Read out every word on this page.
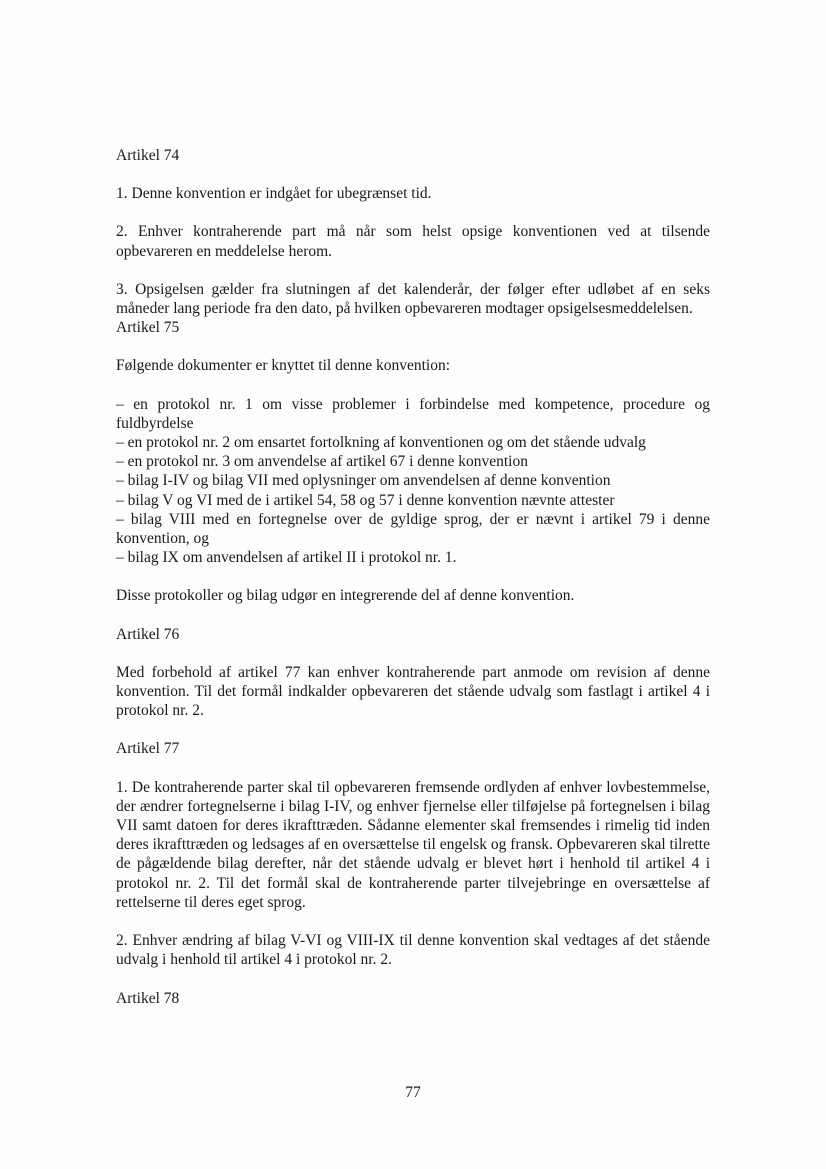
Artikel 74

1. Denne konvention er indgået for ubegrænset tid.

2. Enhver kontraherende part må når som helst opsige konventionen ved at tilsende opbevareren en meddelelse herom.

3. Opsigelsen gælder fra slutningen af det kalenderår, der følger efter udløbet af en seks måneder lang periode fra den dato, på hvilken opbevareren modtager opsigelsesmeddelelsen.

Artikel 75

Følgende dokumenter er knyttet til denne konvention:

– en protokol nr. 1 om visse problemer i forbindelse med kompetence, procedure og fuldbyrdelse

– en protokol nr. 2 om ensartet fortolkning af konventionen og om det stående udvalg

– en protokol nr. 3 om anvendelse af artikel 67 i denne konvention

– bilag I-IV og bilag VII med oplysninger om anvendelsen af denne konvention

– bilag V og VI med de i artikel 54, 58 og 57 i denne konvention nævnte attester

– bilag VIII med en fortegnelse over de gyldige sprog, der er nævnt i artikel 79 i denne konvention, og

– bilag IX om anvendelsen af artikel II i protokol nr. 1.

Disse protokoller og bilag udgør en integrerende del af denne konvention.

Artikel 76

Med forbehold af artikel 77 kan enhver kontraherende part anmode om revision af denne konvention. Til det formål indkalder opbevareren det stående udvalg som fastlagt i artikel 4 i protokol nr. 2.

Artikel 77

1. De kontraherende parter skal til opbevareren fremsende ordlyden af enhver lovbestemmelse, der ændrer fortegnelserne i bilag I-IV, og enhver fjernelse eller tilføjelse på fortegnelsen i bilag VII samt datoen for deres ikrafttræden. Sådanne elementer skal fremsendes i rimelig tid inden deres ikrafttræden og ledsages af en oversættelse til engelsk og fransk. Opbevareren skal tilrette de pågældende bilag derefter, når det stående udvalg er blevet hørt i henhold til artikel 4 i protokol nr. 2. Til det formål skal de kontraherende parter tilvejebringe en oversættelse af rettelserne til deres eget sprog.

2. Enhver ændring af bilag V-VI og VIII-IX til denne konvention skal vedtages af det stående udvalg i henhold til artikel 4 i protokol nr. 2.

Artikel 78

77
